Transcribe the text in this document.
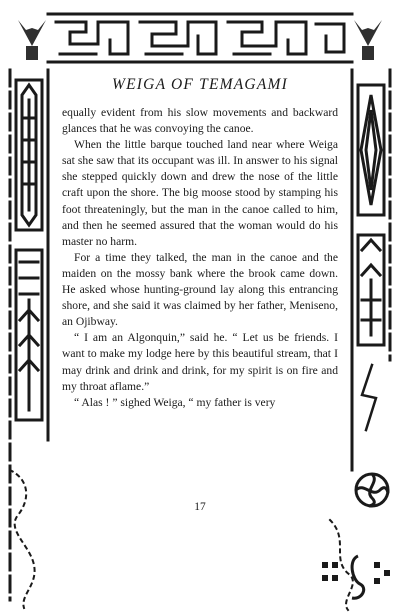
WEIGA OF TEMAGAMI

equally evident from his slow movements and backward glances that he was convoying the canoe.

When the little barque touched land near where Weiga sat she saw that its occupant was ill. In answer to his signal she stepped quickly down and drew the nose of the little craft upon the shore. The big moose stood by stamping his foot threateningly, but the man in the canoe called to him, and then he seemed assured that the woman would do his master no harm.

For a time they talked, the man in the canoe and the maiden on the mossy bank where the brook came down. He asked whose hunting-ground lay along this entrancing shore, and she said it was claimed by her father, Meniseno, an Ojibway.

“ I am an Algonquin,” said he. “ Let us be friends. I want to make my lodge here by this beautiful stream, that I may drink and drink and drink, for my spirit is on fire and my throat aflame.”

“ Alas ! ” sighed Weiga, “ my father is very

17
